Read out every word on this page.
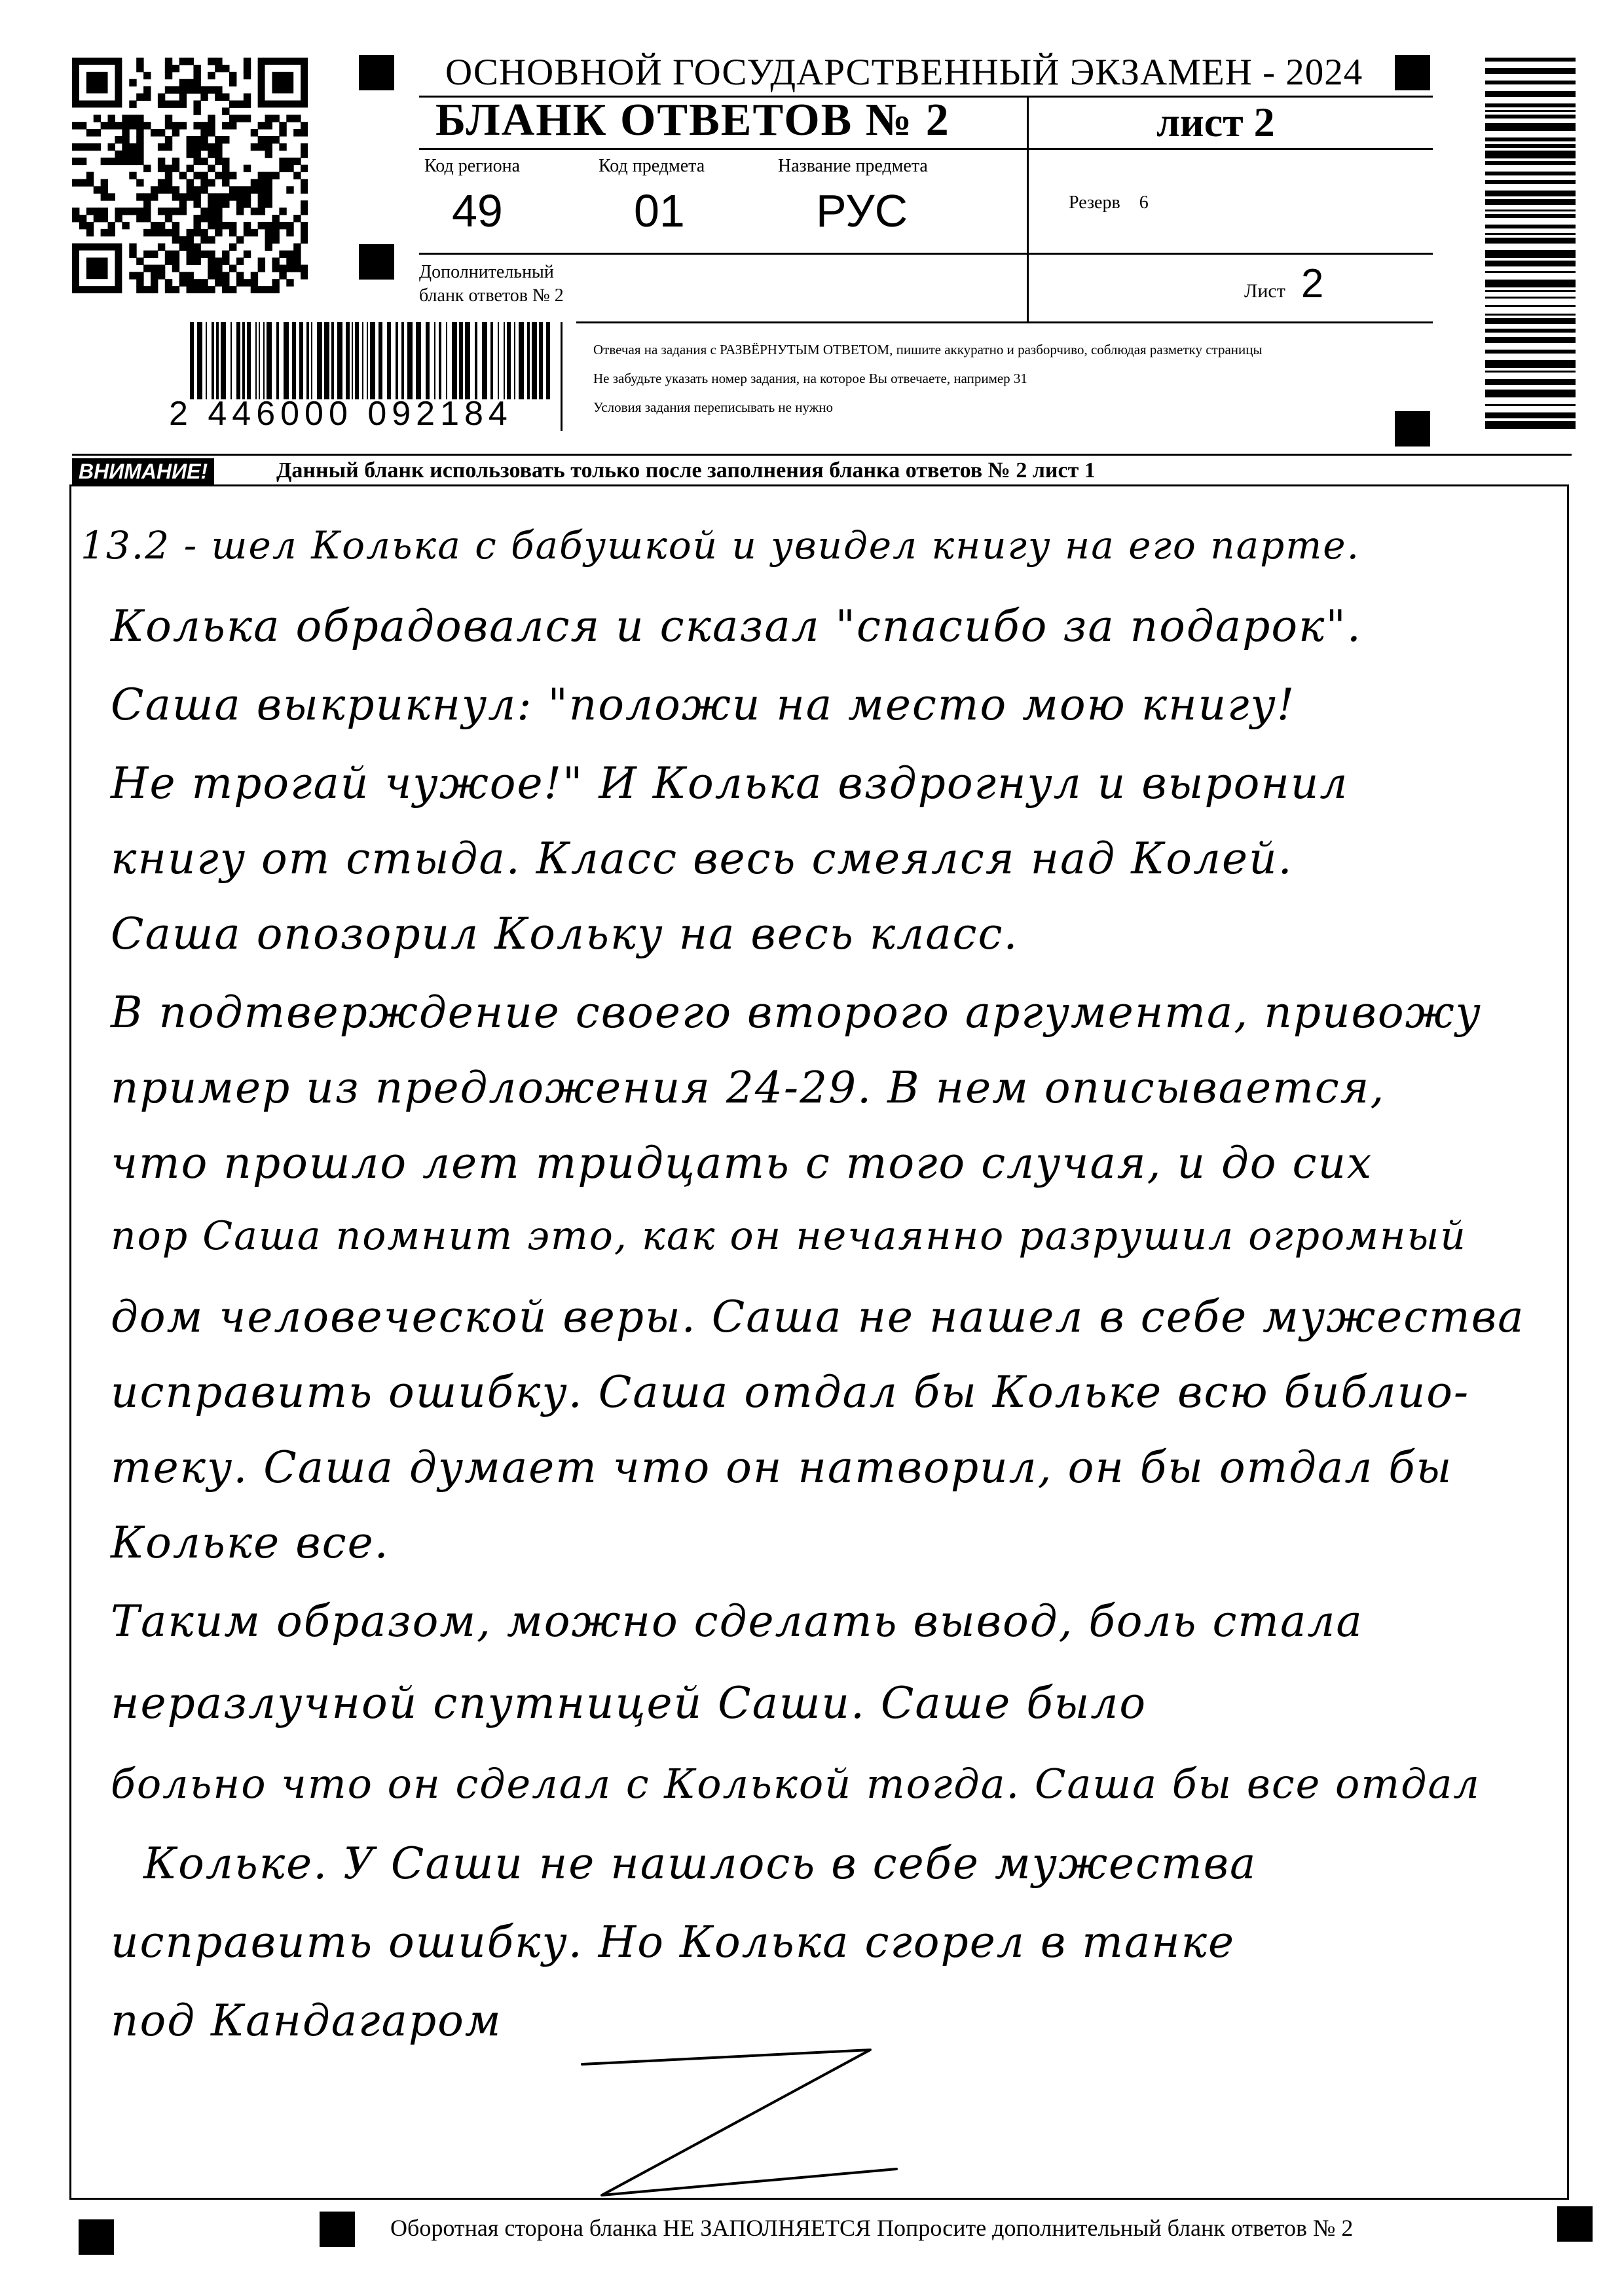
ОСНОВНОЙ ГОСУДАРСТВЕННЫЙ ЭКЗАМЕН - 2024
БЛАНК ОТВЕТОВ № 2	лист 2
Код региона
49
Код предмета
01
Название предмета
РУС	Резерв 6
Дополнительный
бланк ответов № 2	Лист 2
2 446000 092184
Отвечая на задания с РАЗВЁРНУТЫМ ОТВЕТОМ, пишите аккуратно и разборчиво, соблюдая разметку страницы
Не забудьте указать номер задания, на которое Вы отвечаете, например 31
Условия задания переписывать не нужно
ВНИМАНИЕ!	Данный бланк использовать только после заполнения бланка ответов № 2 лист 1
13.2 - шел Колька с бабушкой и увидел книгу на его парте.
Колька обрадовался и сказал "спасибо за подарок".
Саша выкрикнул: "положи на место мою книгу!
Не трогай чужое!" И Колька вздрогнул и выронил
книгу от стыда. Класс весь смеялся над Колей.
Саша опозорил Кольку на весь класс.
В подтверждение своего второго аргумента, привожу
пример из предложения 24-29. В нем описывается,
что прошло лет тридцать с того случая, и до сих
пор Саша помнит это, как он нечаянно разрушил огромный
дом человеческой веры. Саша не нашел в себе мужества
исправить ошибку. Саша отдал бы Кольке всю библио-
теку. Саша думает что он натворил, он бы отдал бы
Кольке все.
Таким образом, можно сделать вывод, боль стала
неразлучной спутницей Саши. Саше было
больно что он сделал с Колькой тогда. Саша бы все отдал
Кольке. У Саши не нашлось в себе мужества
исправить ошибку. Но Колька сгорел в танке
под Кандагаром
Оборотная сторона бланка НЕ ЗАПОЛНЯЕТСЯ Попросите дополнительный бланк ответов № 2
